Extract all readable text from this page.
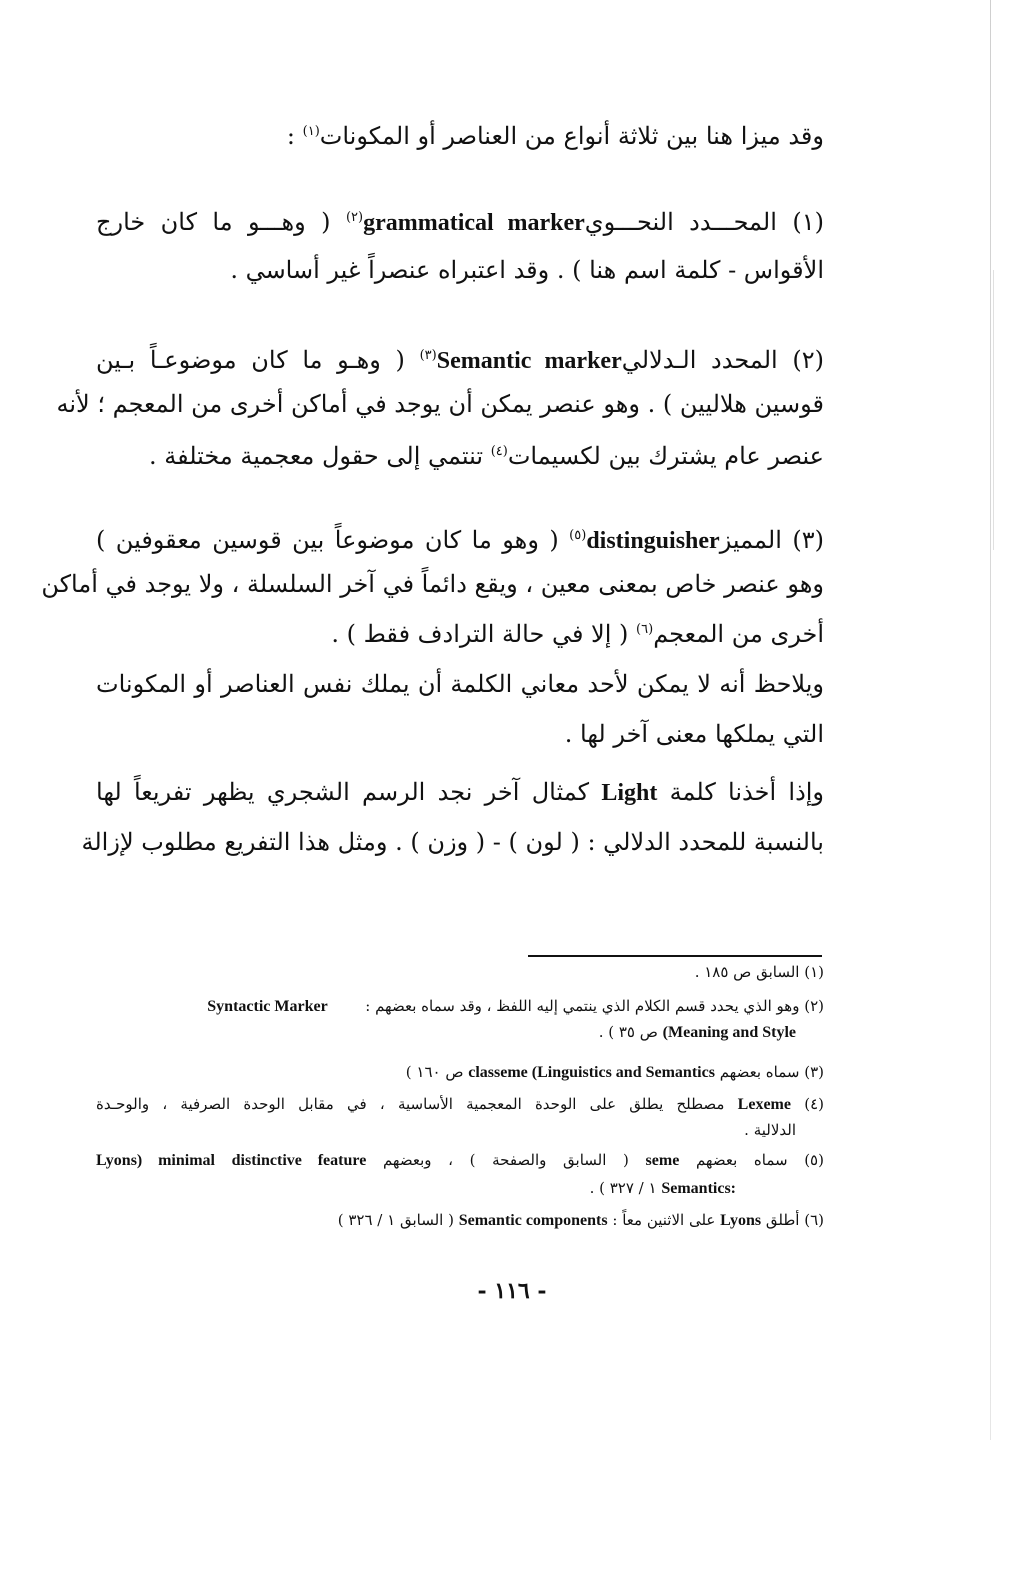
وقد ميزا هنا بين ثلاثة أنواع من العناصر أو المكونات$^{(١)}$ :
(١) المحـــدد النحـــويgrammatical marker$^{(٢)}$ ( وهـــو ما كان خارج
الأقواس - كلمة اسم هنا ) . وقد اعتبراه عنصراً غير أساسي .
(٢) المحدد الـدلاليSemantic marker$^{(٣)}$ ( وهـو ما كان موضوعـاً بـين
قوسين هلاليين ) . وهو عنصر يمكن أن يوجد في أماكن أخرى من المعجم ؛ لأنه
عنصر عام يشترك بين لكسيمات$^{(٤)}$ تنتمي إلى حقول معجمية مختلفة .
(٣) المميزdistinguisher$^{(٥)}$ ( وهو ما كان موضوعاً بين قوسين معقوفين )
وهو عنصر خاص بمعنى معين ، ويقع دائماً في آخر السلسلة ، ولا يوجد في أماكن
أخرى من المعجم$^{(٦)}$ ( إلا في حالة الترادف فقط ) .
ويلاحظ أنه لا يمكن لأحد معاني الكلمة أن يملك نفس العناصر أو المكونات
التي يملكها معنى آخر لها .
وإذا أخذنا كلمة Light كمثال آخر نجد الرسم الشجري يظهر تفريعاً لها
بالنسبة للمحدد الدلالي : ( لون ) - ( وزن ) . ومثل هذا التفريع مطلوب لإزالة
(١) السابق ص ١٨٥ .
(٢) وهو الذي يحدد قسم الكلام الذي ينتمي إليه اللفظ ، وقد سماه بعضهم :  Syntactic Marker
(Meaning and Style ص ٣٥ ) .
(٣) سماه بعضهم classeme (Linguistics and Semantics ص ١٦٠ )
(٤) Lexeme مصطلح يطلق على الوحدة المعجمية الأساسية ، في مقابل الوحدة الصرفية ، والوحـدة
الدلالية .
(٥) سماه بعضهم seme ( السابق والصفحة ) ، وبعضهم distinctive feature Lyons) minimal
Semantics: ١ / ٣٢٧ ) .
(٦) أطلق Lyons على الاثنين معاً : Semantic components ( السابق ١ / ٣٢٦ )
- ١١٦ -
